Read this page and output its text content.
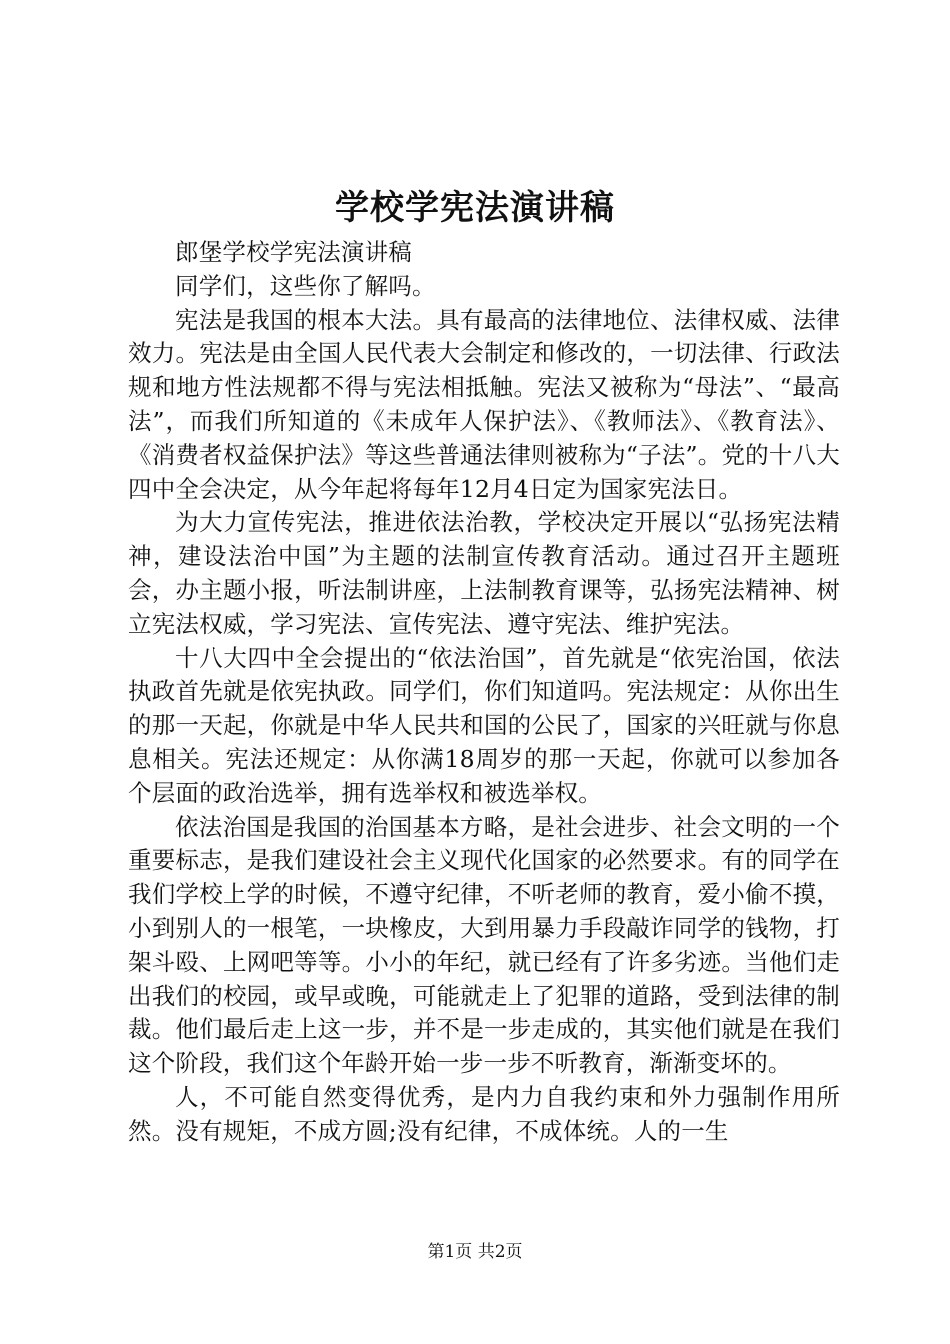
学校学宪法演讲稿

郎堡学校学宪法演讲稿

同学们，这些你了解吗。

宪法是我国的根本大法。具有最高的法律地位、法律权威、法律效力。宪法是由全国人民代表大会制定和修改的，一切法律、行政法规和地方性法规都不得与宪法相抵触。宪法又被称为“母法”、“最高法”，而我们所知道的《未成年人保护法》、《教师法》、《教育法》、《消费者权益保护法》等这些普通法律则被称为“子法”。党的十八大四中全会决定，从今年起将每年12月4日定为国家宪法日。

为大力宣传宪法，推进依法治教，学校决定开展以“弘扬宪法精神，建设法治中国”为主题的法制宣传教育活动。通过召开主题班会，办主题小报，听法制讲座，上法制教育课等，弘扬宪法精神、树立宪法权威，学习宪法、宣传宪法、遵守宪法、维护宪法。

十八大四中全会提出的“依法治国”，首先就是“依宪治国，依法执政首先就是依宪执政。同学们，你们知道吗。宪法规定：从你出生的那一天起，你就是中华人民共和国的公民了，国家的兴旺就与你息息相关。宪法还规定：从你满18周岁的那一天起，你就可以参加各个层面的政治选举，拥有选举权和被选举权。

依法治国是我国的治国基本方略，是社会进步、社会文明的一个重要标志，是我们建设社会主义现代化国家的必然要求。有的同学在我们学校上学的时候，不遵守纪律，不听老师的教育，爱小偷不摸，小到别人的一根笔，一块橡皮，大到用暴力手段敲诈同学的钱物，打架斗殴、上网吧等等。小小的年纪，就已经有了许多劣迹。当他们走出我们的校园，或早或晚，可能就走上了犯罪的道路，受到法律的制裁。他们最后走上这一步，并不是一步走成的，其实他们就是在我们这个阶段，我们这个年龄开始一步一步不听教育，渐渐变坏的。

人，不可能自然变得优秀，是内力自我约束和外力强制作用所然。没有规矩，不成方圆;没有纪律，不成体统。人的一生

第1页 共2页
